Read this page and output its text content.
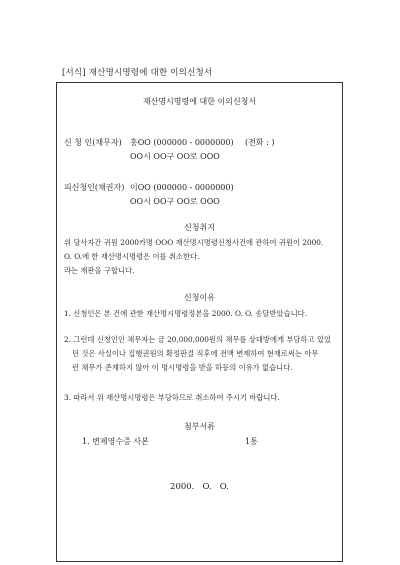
[서식] 재산명시명령에 대한 이의신청서
재산명시명령에 대한 이의신청서
신 청 인(채무자) 홍OO (000000 - 0000000) (전화 : )
OO시 OO구 OO로 OOO
피신청인(채권자) 이OO (000000 - 0000000)
OO시 OO구 OO로 OOO
신청취지
위 당사자간 귀원 2000카명 OOO 재산명시명령신청사건에 관하여 귀원이 2000.
O. O.에 한 재산명시명령은 이를 취소한다.
라는 재판을 구합니다.
신청이유
1. 신청인은 본 건에 관한 재산명시명령정본을 2000. O. O. 송달받았습니다.
2. 그런데 신청인인 채무자는 금 20,000,000원의 채무를 상대방에게 부담하고 있었
던 것은 사실이나 집행권원의 확정판결 직후에 전액 변제하여 현재로써는 아무
런 채무가 존재하지 않아 이 명시명령을 받을 하등의 이유가 없습니다.
3. 따라서 위 재산명시명령은 부당하므로 취소하여 주시기 바랍니다.
첨부서류
1. 변제영수증 사본	1통
2000.   O.   O.
